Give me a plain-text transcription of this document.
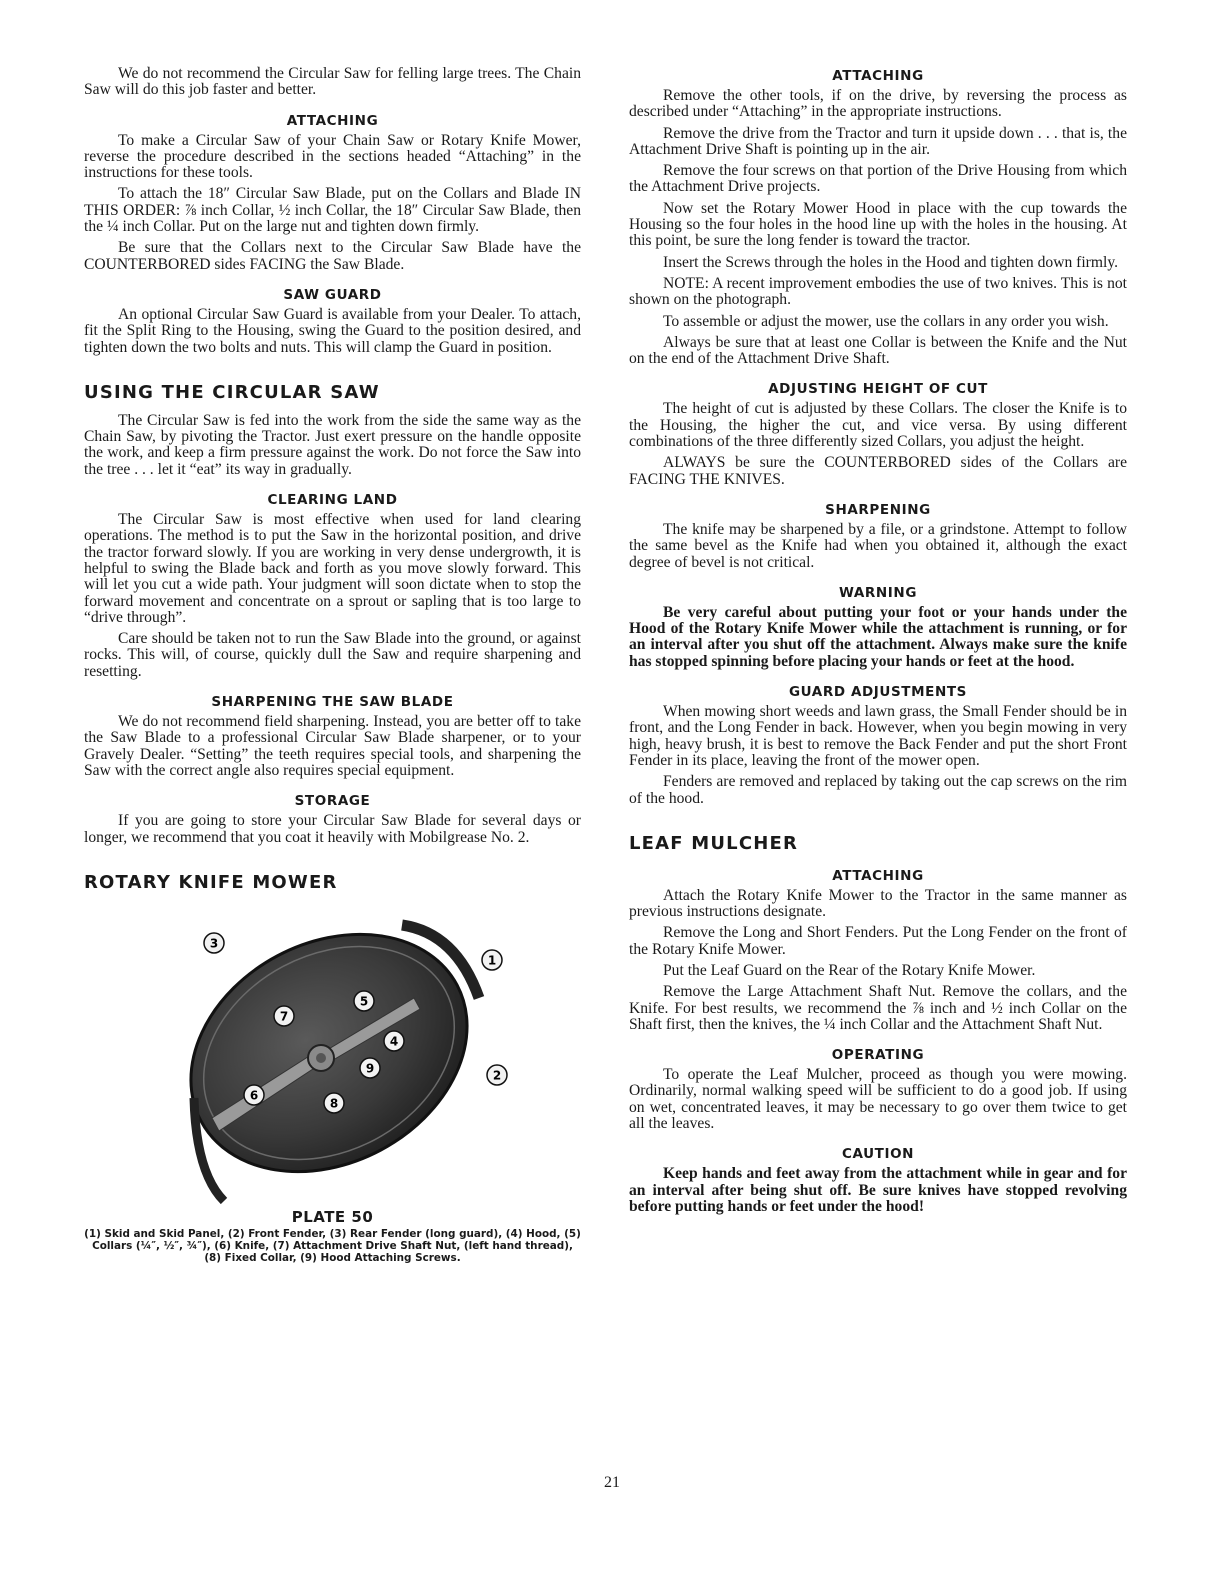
We do not recommend the Circular Saw for felling large trees. The Chain Saw will do this job faster and better.

ATTACHING

To make a Circular Saw of your Chain Saw or Rotary Knife Mower, reverse the procedure described in the sections headed “Attaching” in the instructions for these tools.

To attach the 18″ Circular Saw Blade, put on the Collars and Blade IN THIS ORDER: ⅞ inch Collar, ½ inch Collar, the 18″ Circular Saw Blade, then the ¼ inch Collar. Put on the large nut and tighten down firmly.

Be sure that the Collars next to the Circular Saw Blade have the COUNTERBORED sides FACING the Saw Blade.

SAW GUARD

An optional Circular Saw Guard is available from your Dealer. To attach, fit the Split Ring to the Housing, swing the Guard to the position desired, and tighten down the two bolts and nuts. This will clamp the Guard in position.

USING THE CIRCULAR SAW

The Circular Saw is fed into the work from the side the same way as the Chain Saw, by pivoting the Tractor. Just exert pressure on the handle opposite the work, and keep a firm pressure against the work. Do not force the Saw into the tree . . . let it “eat” its way in gradually.

CLEARING LAND

The Circular Saw is most effective when used for land clearing operations. The method is to put the Saw in the horizontal position, and drive the tractor forward slowly. If you are working in very dense undergrowth, it is helpful to swing the Blade back and forth as you move slowly forward. This will let you cut a wide path. Your judgment will soon dictate when to stop the forward movement and concentrate on a sprout or sapling that is too large to “drive through”.

Care should be taken not to run the Saw Blade into the ground, or against rocks. This will, of course, quickly dull the Saw and require sharpening and resetting.

SHARPENING THE SAW BLADE

We do not recommend field sharpening. Instead, you are better off to take the Saw Blade to a professional Circular Saw Blade sharpener, or to your Gravely Dealer. “Setting” the teeth requires special tools, and sharpening the Saw with the correct angle also requires special equipment.

STORAGE

If you are going to store your Circular Saw Blade for several days or longer, we recommend that you coat it heavily with Mobilgrease No. 2.

ROTARY KNIFE MOWER
1
2
3
4
5
6
7
8
9

PLATE 50

(1) Skid and Skid Panel, (2) Front Fender, (3) Rear Fender (long guard), (4) Hood, (5) Collars (¼″, ½″, ¾″), (6) Knife, (7) Attachment Drive Shaft Nut, (left hand thread), (8) Fixed Collar, (9) Hood Attaching Screws.

ATTACHING

Remove the other tools, if on the drive, by reversing the process as described under “Attaching” in the appropriate instructions.

Remove the drive from the Tractor and turn it upside down . . . that is, the Attachment Drive Shaft is pointing up in the air.

Remove the four screws on that portion of the Drive Housing from which the Attachment Drive projects.

Now set the Rotary Mower Hood in place with the cup towards the Housing so the four holes in the hood line up with the holes in the housing. At this point, be sure the long fender is toward the tractor.

Insert the Screws through the holes in the Hood and tighten down firmly.

NOTE: A recent improvement embodies the use of two knives. This is not shown on the photograph.

To assemble or adjust the mower, use the collars in any order you wish.

Always be sure that at least one Collar is between the Knife and the Nut on the end of the Attachment Drive Shaft.

ADJUSTING HEIGHT OF CUT

The height of cut is adjusted by these Collars. The closer the Knife is to the Housing, the higher the cut, and vice versa. By using different combinations of the three differently sized Collars, you adjust the height.

ALWAYS be sure the COUNTERBORED sides of the Collars are FACING THE KNIVES.

SHARPENING

The knife may be sharpened by a file, or a grindstone. Attempt to follow the same bevel as the Knife had when you obtained it, although the exact degree of bevel is not critical.

WARNING

Be very careful about putting your foot or your hands under the Hood of the Rotary Knife Mower while the attachment is running, or for an interval after you shut off the attachment. Always make sure the knife has stopped spinning before placing your hands or feet at the hood.

GUARD ADJUSTMENTS

When mowing short weeds and lawn grass, the Small Fender should be in front, and the Long Fender in back. However, when you begin mowing in very high, heavy brush, it is best to remove the Back Fender and put the short Front Fender in its place, leaving the front of the mower open.

Fenders are removed and replaced by taking out the cap screws on the rim of the hood.

LEAF MULCHER
ATTACHING

Attach the Rotary Knife Mower to the Tractor in the same manner as previous instructions designate.

Remove the Long and Short Fenders. Put the Long Fender on the front of the Rotary Knife Mower.

Put the Leaf Guard on the Rear of the Rotary Knife Mower.

Remove the Large Attachment Shaft Nut. Remove the collars, and the Knife. For best results, we recommend the ⅞ inch and ½ inch Collar on the Shaft first, then the knives, the ¼ inch Collar and the Attachment Shaft Nut.

OPERATING

To operate the Leaf Mulcher, proceed as though you were mowing. Ordinarily, normal walking speed will be sufficient to do a good job. If using on wet, concentrated leaves, it may be necessary to go over them twice to get all the leaves.

CAUTION

Keep hands and feet away from the attachment while in gear and for an interval after being shut off. Be sure knives have stopped revolving before putting hands or feet under the hood!

21
